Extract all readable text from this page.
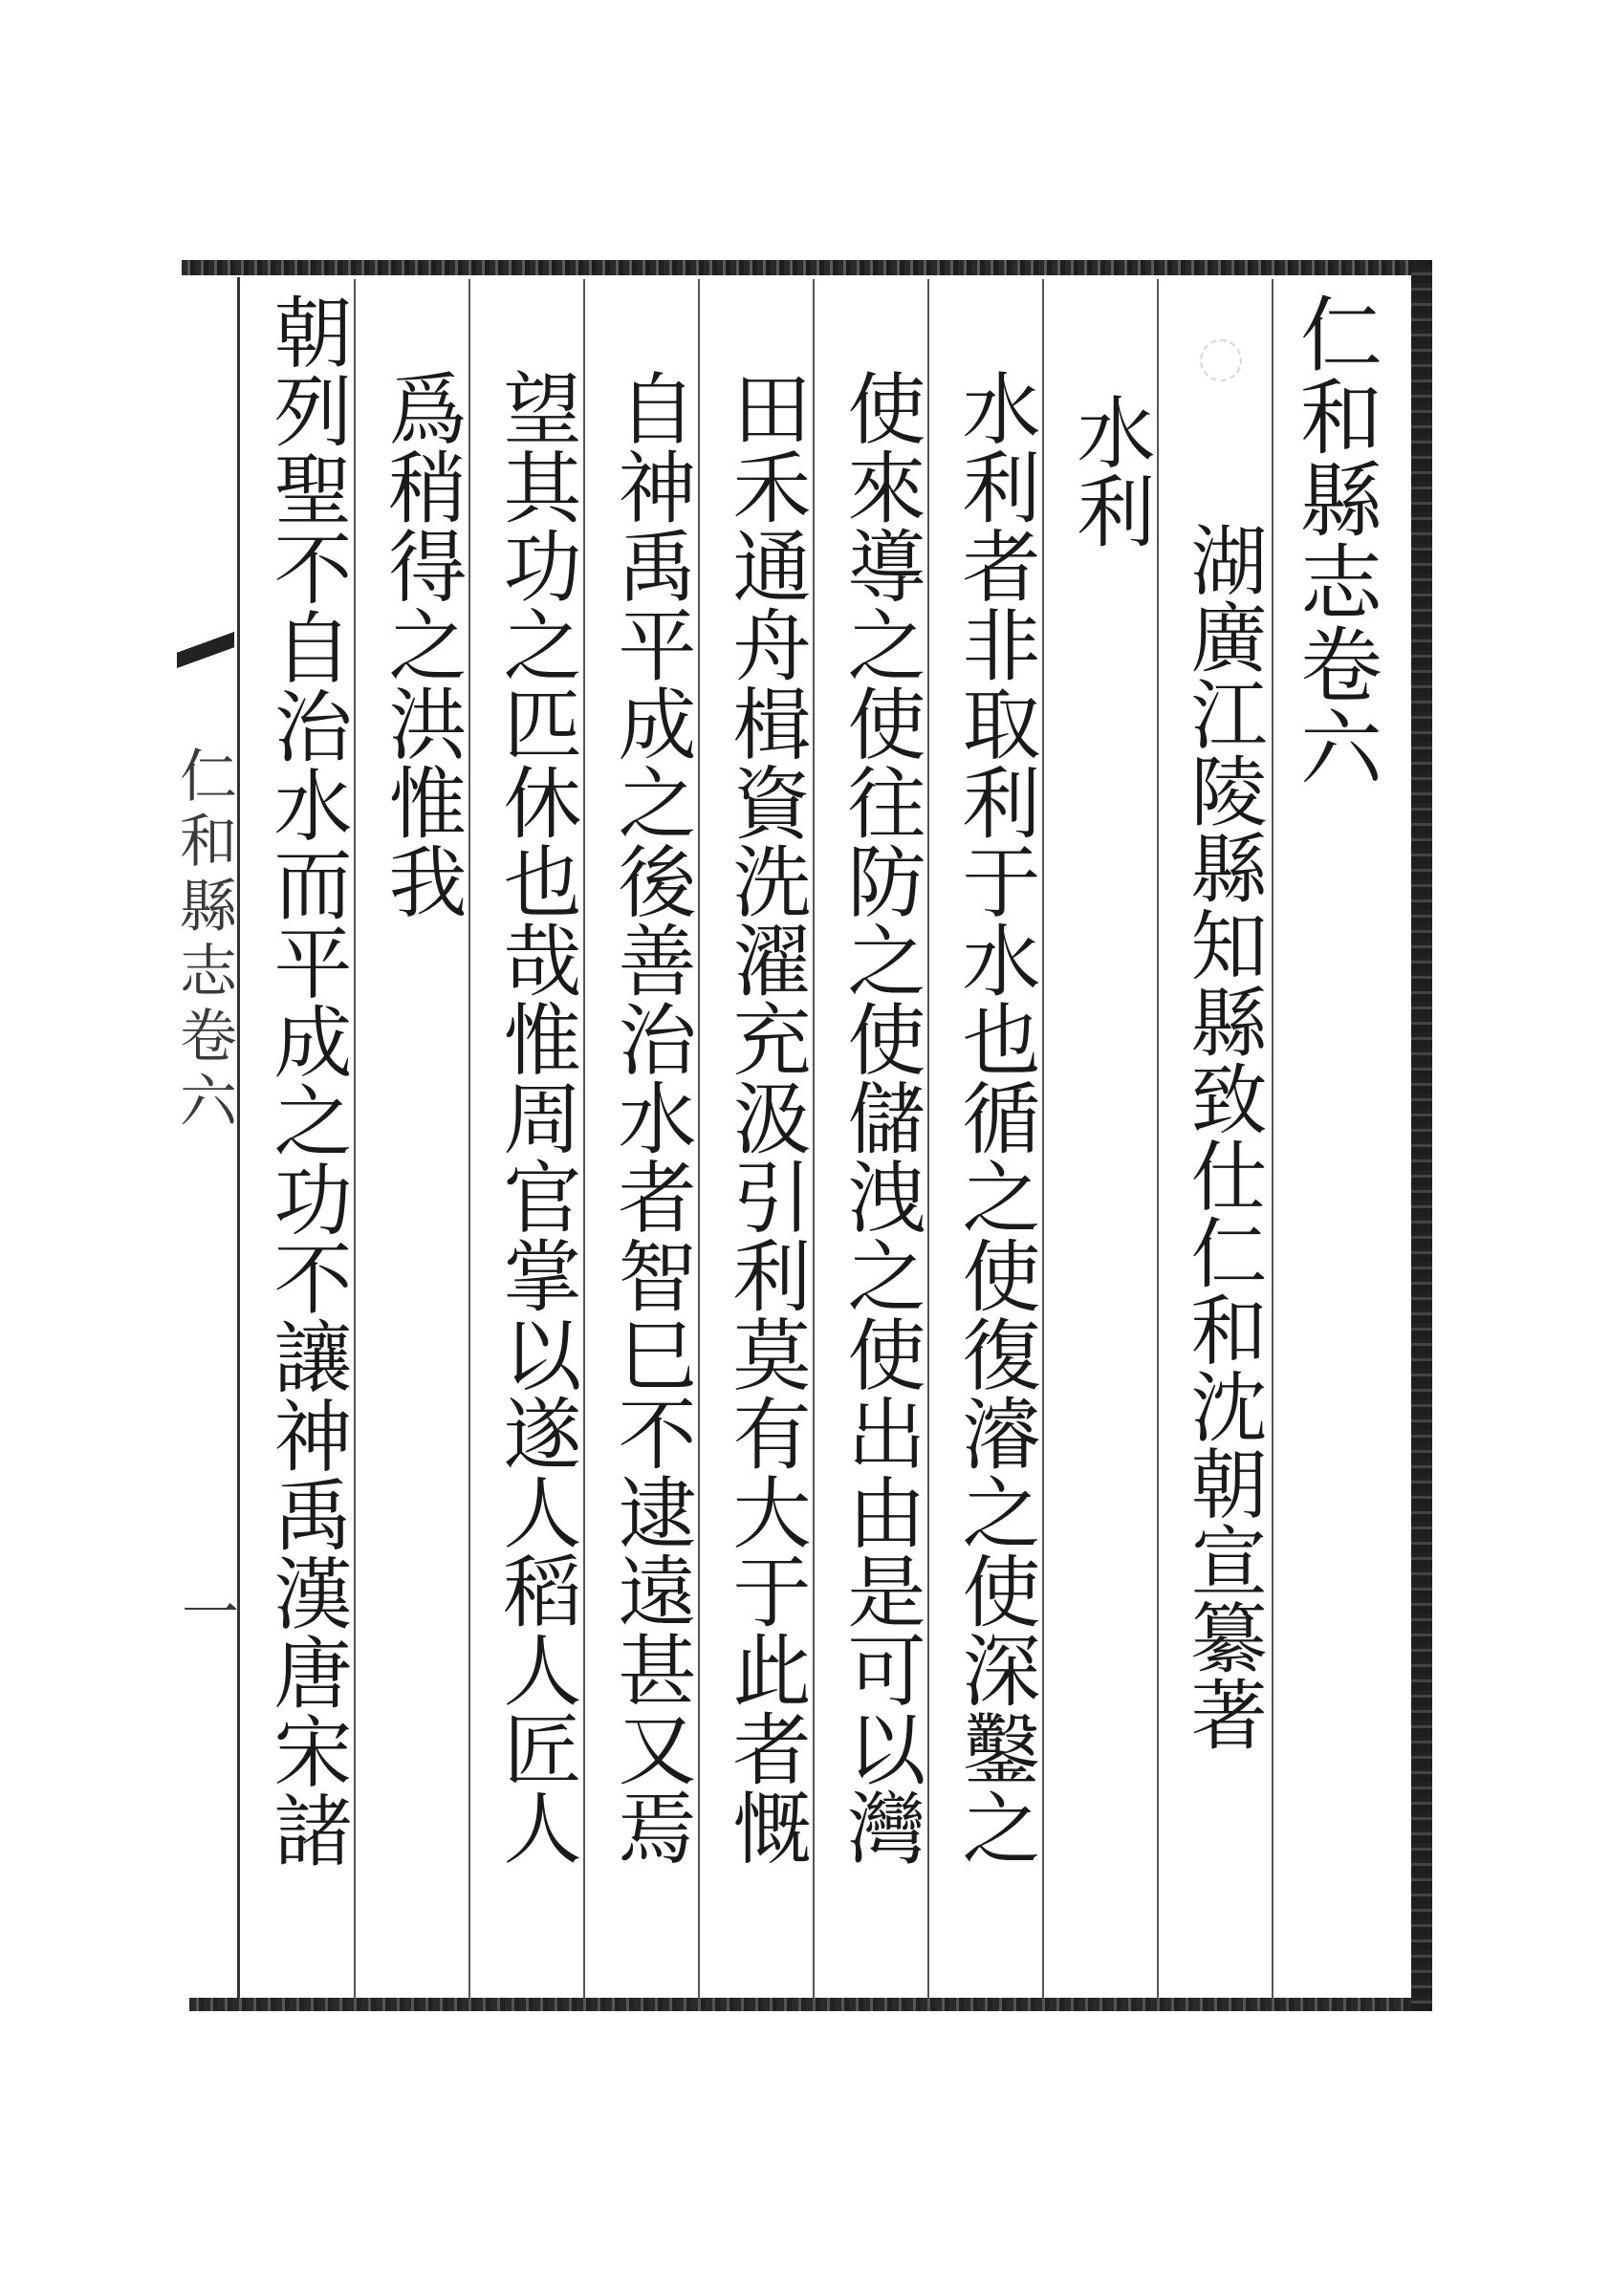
仁和縣志卷六
湖廣江陵縣知縣致仕仁和沈朝宣纂著
水利
水利者非取利于水也循之使復濬之使深鑿之
使來導之使往防之使儲洩之使出由是可以灣
田禾通舟楫資洗濯充汲引利莫有大于此者慨
自神禹平成之後善治水者智巳不逮遠甚又焉
望其功之匹休也哉惟周官掌以遂人稻人匠人
爲稍得之洪惟我
朝列聖不自治水而平成之功不讓神禹漢唐宋諸
仁和縣志卷六
一
